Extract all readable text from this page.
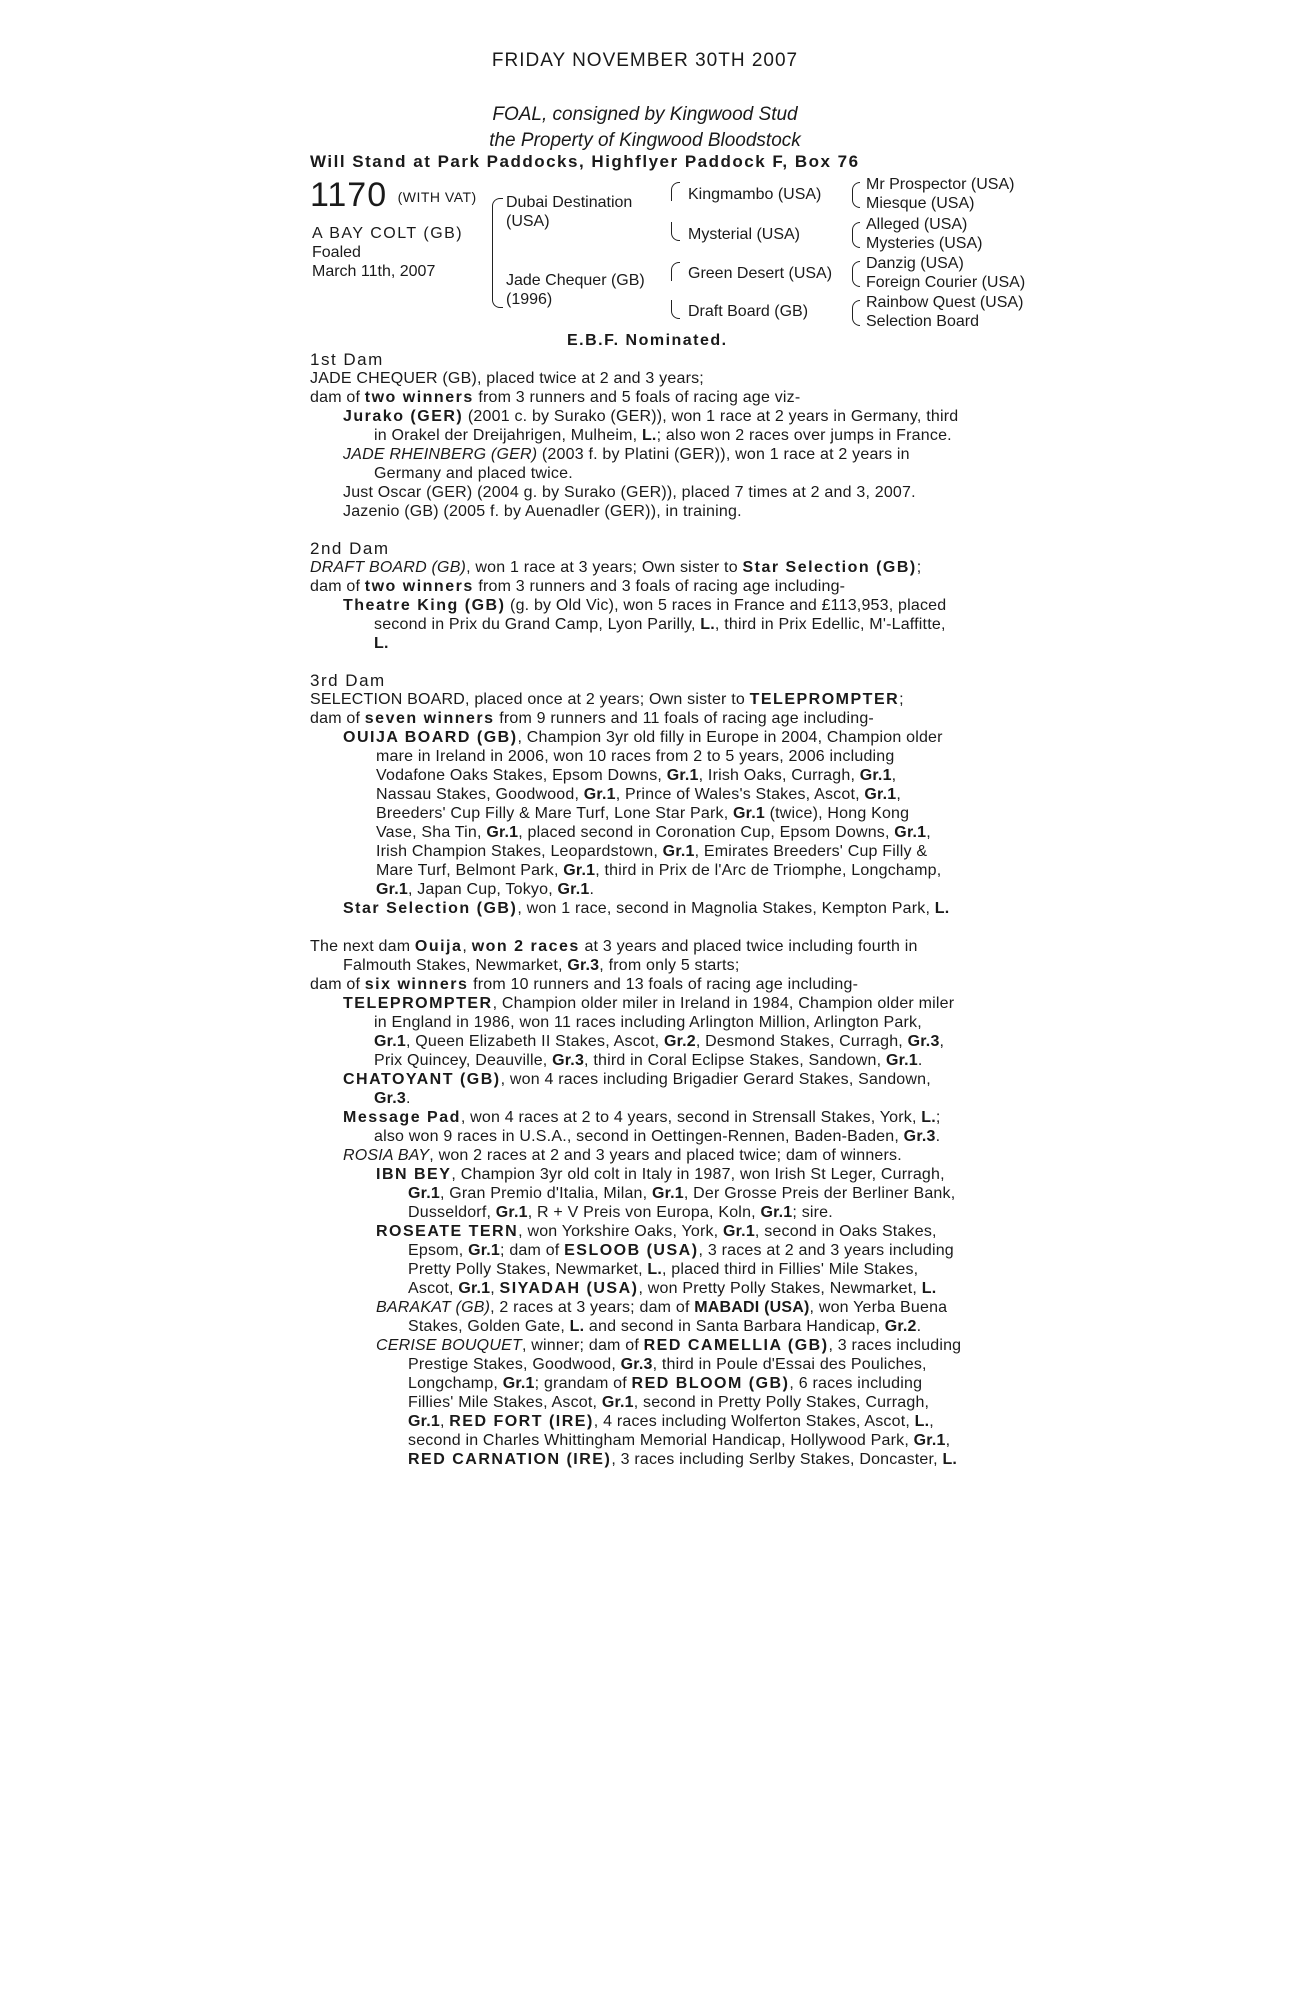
FRIDAY NOVEMBER 30TH 2007
FOAL, consigned by Kingwood Stud
the Property of Kingwood Bloodstock
Will Stand at Park Paddocks, Highflyer Paddock F, Box 76
1170 (WITH VAT)
A BAY COLT (GB)
Foaled
March 11th, 2007
Dubai Destination
(USA)
Jade Chequer (GB)
(1996)
Kingmambo (USA)
Mysterial (USA)
Green Desert (USA)
Draft Board (GB)
Mr Prospector (USA)
Miesque (USA)
Alleged (USA)
Mysteries (USA)
Danzig (USA)
Foreign Courier (USA)
Rainbow Quest (USA)
Selection Board
E.B.F. Nominated.
1st Dam
JADE CHEQUER (GB), placed twice at 2 and 3 years;
dam of two winners from 3 runners and 5 foals of racing age viz-
Jurako (GER) (2001 c. by Surako (GER)), won 1 race at 2 years in Germany, third
in Orakel der Dreijahrigen, Mulheim, L.; also won 2 races over jumps in France.
JADE RHEINBERG (GER) (2003 f. by Platini (GER)), won 1 race at 2 years in
Germany and placed twice.
Just Oscar (GER) (2004 g. by Surako (GER)), placed 7 times at 2 and 3, 2007.
Jazenio (GB) (2005 f. by Auenadler (GER)), in training.
2nd Dam
DRAFT BOARD (GB), won 1 race at 3 years; Own sister to Star Selection (GB);
dam of two winners from 3 runners and 3 foals of racing age including-
Theatre King (GB) (g. by Old Vic), won 5 races in France and £113,953, placed
second in Prix du Grand Camp, Lyon Parilly, L., third in Prix Edellic, M'-Laffitte,
L.
3rd Dam
SELECTION BOARD, placed once at 2 years; Own sister to TELEPROMPTER;
dam of seven winners from 9 runners and 11 foals of racing age including-
OUIJA BOARD (GB), Champion 3yr old filly in Europe in 2004, Champion older
mare in Ireland in 2006, won 10 races from 2 to 5 years, 2006 including
Vodafone Oaks Stakes, Epsom Downs, Gr.1, Irish Oaks, Curragh, Gr.1,
Nassau Stakes, Goodwood, Gr.1, Prince of Wales's Stakes, Ascot, Gr.1,
Breeders' Cup Filly & Mare Turf, Lone Star Park, Gr.1 (twice), Hong Kong
Vase, Sha Tin, Gr.1, placed second in Coronation Cup, Epsom Downs, Gr.1,
Irish Champion Stakes, Leopardstown, Gr.1, Emirates Breeders' Cup Filly &
Mare Turf, Belmont Park, Gr.1, third in Prix de l'Arc de Triomphe, Longchamp,
Gr.1, Japan Cup, Tokyo, Gr.1.
Star Selection (GB), won 1 race, second in Magnolia Stakes, Kempton Park, L.
The next dam Ouija, won 2 races at 3 years and placed twice including fourth in
Falmouth Stakes, Newmarket, Gr.3, from only 5 starts;
dam of six winners from 10 runners and 13 foals of racing age including-
TELEPROMPTER, Champion older miler in Ireland in 1984, Champion older miler
in England in 1986, won 11 races including Arlington Million, Arlington Park,
Gr.1, Queen Elizabeth II Stakes, Ascot, Gr.2, Desmond Stakes, Curragh, Gr.3,
Prix Quincey, Deauville, Gr.3, third in Coral Eclipse Stakes, Sandown, Gr.1.
CHATOYANT (GB), won 4 races including Brigadier Gerard Stakes, Sandown,
Gr.3.
Message Pad, won 4 races at 2 to 4 years, second in Strensall Stakes, York, L.;
also won 9 races in U.S.A., second in Oettingen-Rennen, Baden-Baden, Gr.3.
ROSIA BAY, won 2 races at 2 and 3 years and placed twice; dam of winners.
IBN BEY, Champion 3yr old colt in Italy in 1987, won Irish St Leger, Curragh,
Gr.1, Gran Premio d'Italia, Milan, Gr.1, Der Grosse Preis der Berliner Bank,
Dusseldorf, Gr.1, R + V Preis von Europa, Koln, Gr.1; sire.
ROSEATE TERN, won Yorkshire Oaks, York, Gr.1, second in Oaks Stakes,
Epsom, Gr.1; dam of ESLOOB (USA), 3 races at 2 and 3 years including
Pretty Polly Stakes, Newmarket, L., placed third in Fillies' Mile Stakes,
Ascot, Gr.1, SIYADAH (USA), won Pretty Polly Stakes, Newmarket, L.
BARAKAT (GB), 2 races at 3 years; dam of MABADI (USA), won Yerba Buena
Stakes, Golden Gate, L. and second in Santa Barbara Handicap, Gr.2.
CERISE BOUQUET, winner; dam of RED CAMELLIA (GB), 3 races including
Prestige Stakes, Goodwood, Gr.3, third in Poule d'Essai des Pouliches,
Longchamp, Gr.1; grandam of RED BLOOM (GB), 6 races including
Fillies' Mile Stakes, Ascot, Gr.1, second in Pretty Polly Stakes, Curragh,
Gr.1, RED FORT (IRE), 4 races including Wolferton Stakes, Ascot, L.,
second in Charles Whittingham Memorial Handicap, Hollywood Park, Gr.1,
RED CARNATION (IRE), 3 races including Serlby Stakes, Doncaster, L.
